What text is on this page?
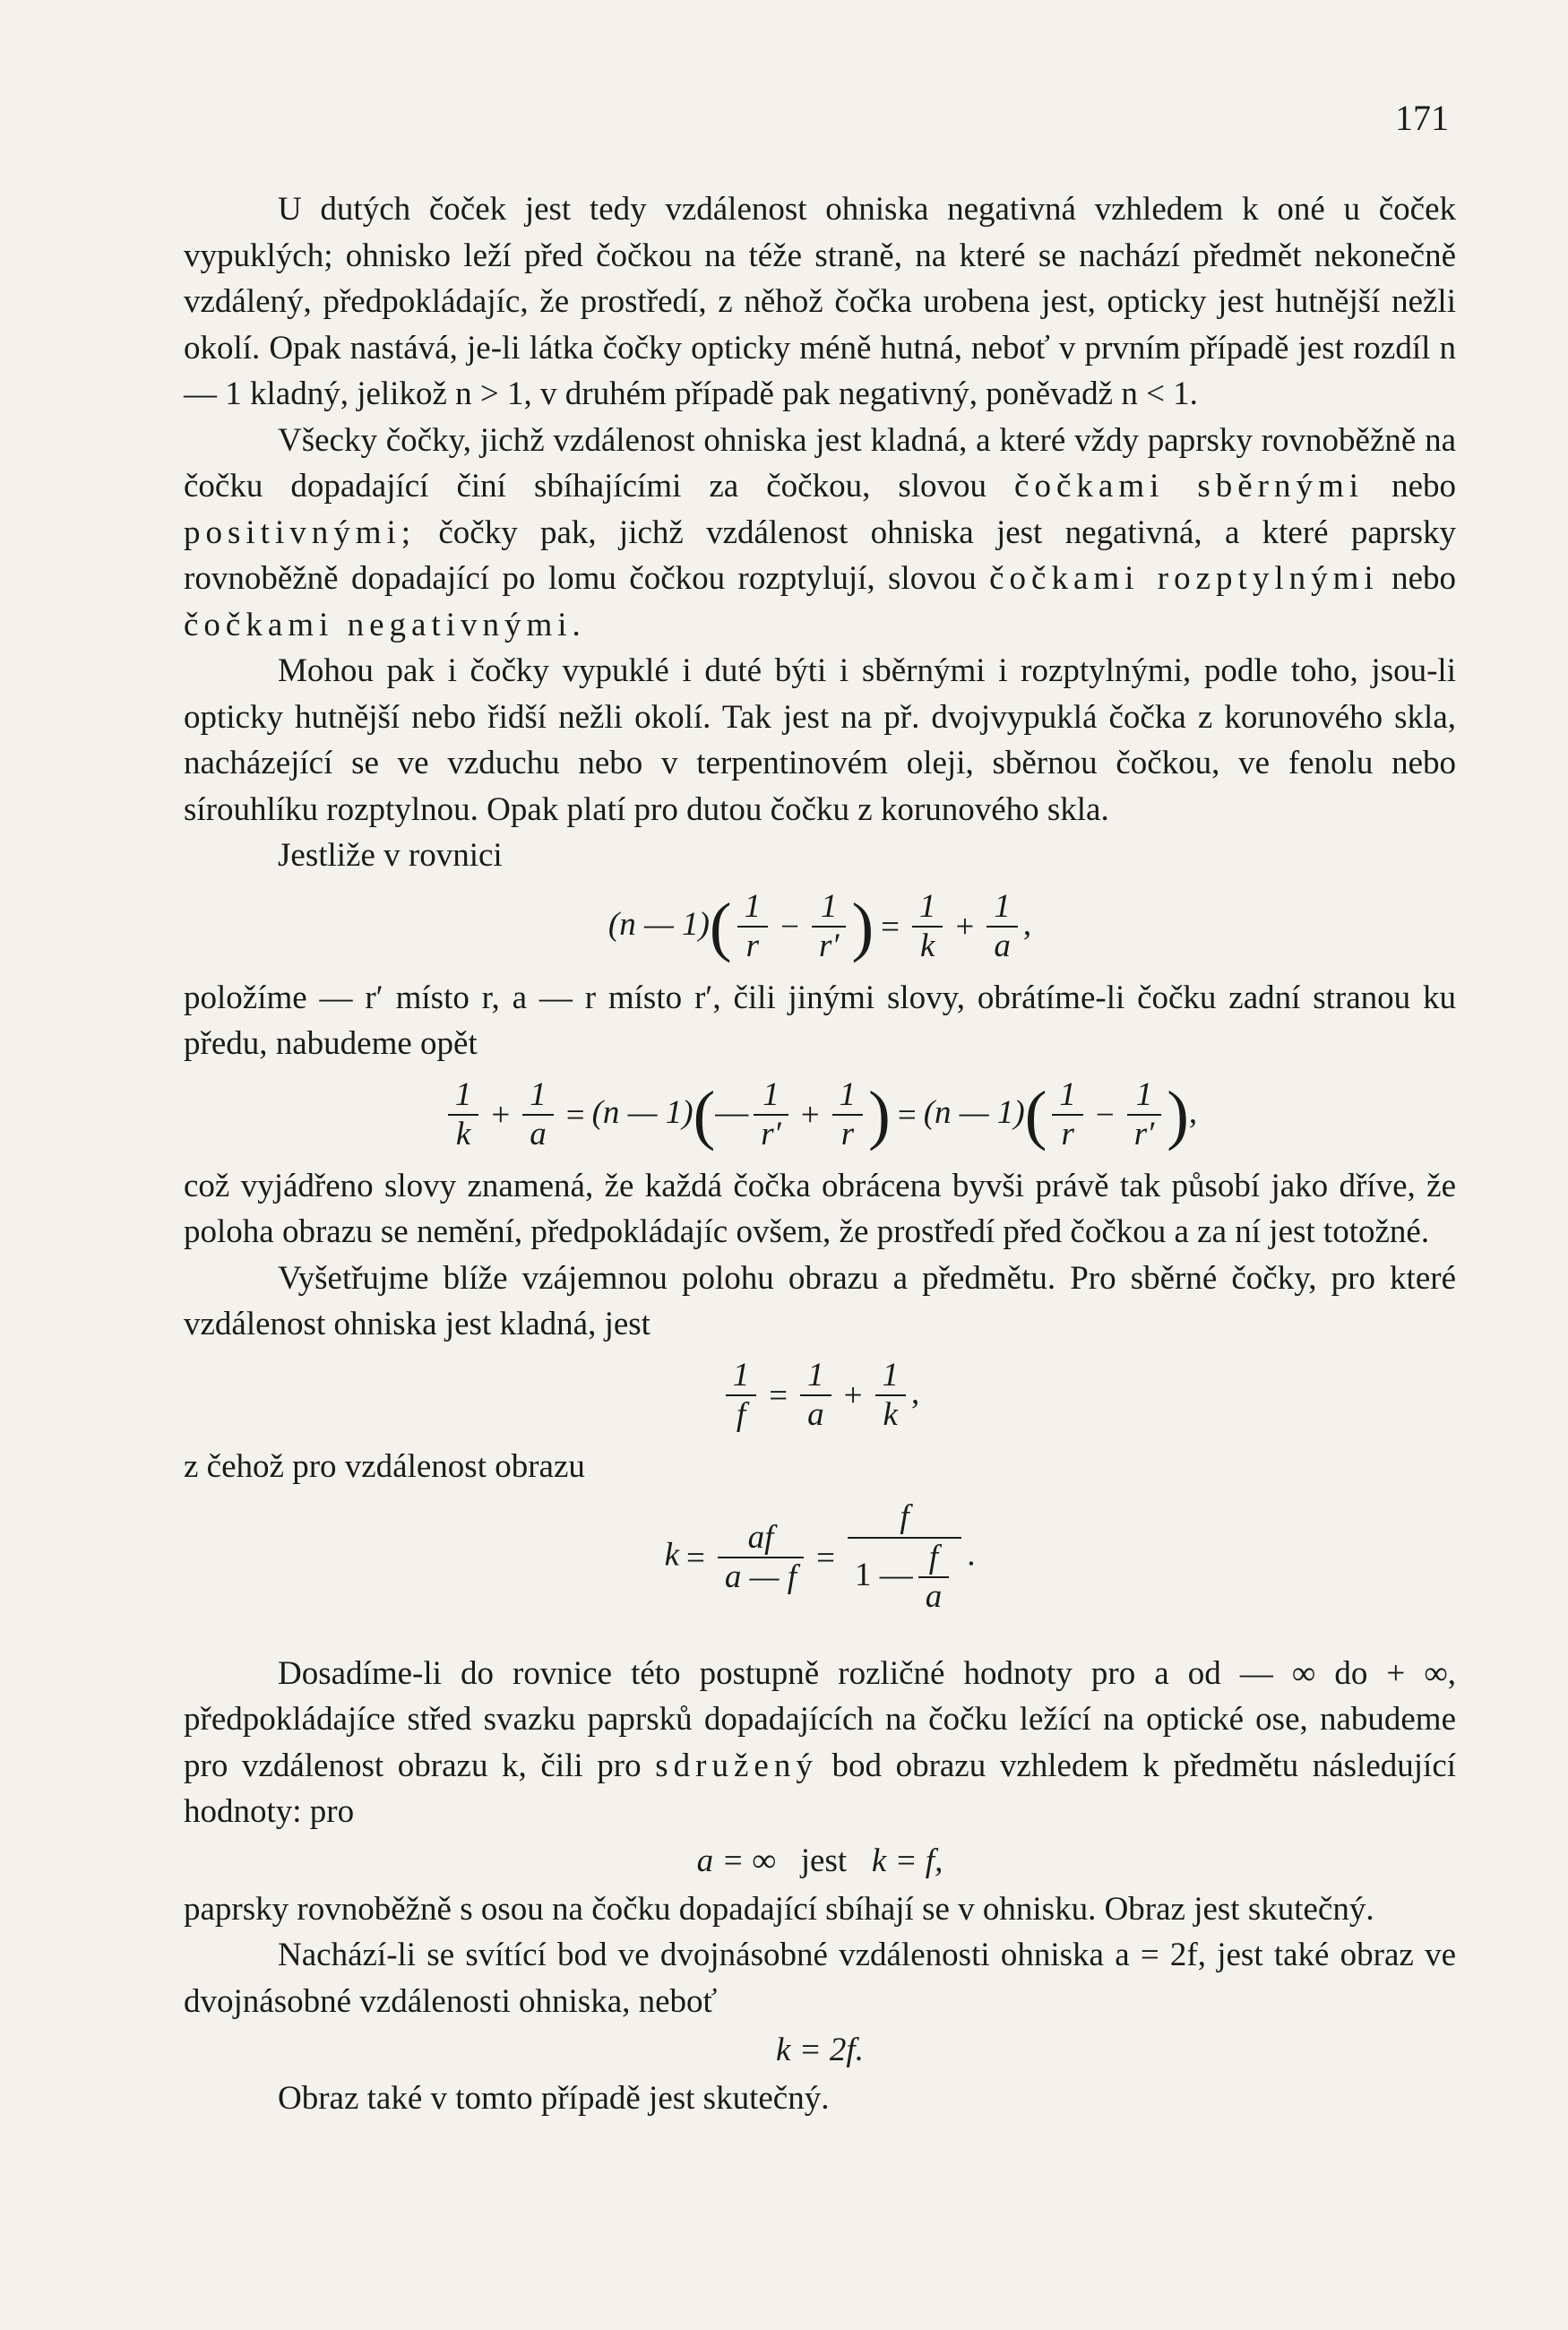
171

U dutých čoček jest tedy vzdálenost ohniska negativná vzhledem k oné u čoček vypuklých; ohnisko leží před čočkou na téže straně, na které se nachází předmět nekonečně vzdálený, předpokládajíc, že prostředí, z něhož čočka urobena jest, opticky jest hutnější nežli okolí. Opak nastává, je-li látka čočky opticky méně hutná, neboť v prvním případě jest rozdíl n — 1 kladný, jelikož n > 1, v druhém případě pak negativný, poněvadž n < 1.

Všecky čočky, jichž vzdálenost ohniska jest kladná, a které vždy paprsky rovnoběžně na čočku dopadající činí sbíhajícími za čočkou, slovou čočkami sběrnými nebo positivnými; čočky pak, jichž vzdálenost ohniska jest negativná, a které paprsky rovnoběžně dopadající po lomu čočkou rozptylují, slovou čočkami rozptylnými nebo čočkami negativnými.

Mohou pak i čočky vypuklé i duté býti i sběrnými i rozptylnými, podle toho, jsou-li opticky hutnější nebo řidší nežli okolí. Tak jest na př. dvojvypuklá čočka z korunového skla, nacházející se ve vzduchu nebo v terpentinovém oleji, sběrnou čočkou, ve fenolu nebo sírouhlíku rozptylnou. Opak platí pro dutou čočku z korunového skla.

Jestliže v rovnici

(n — $1)( \frac{1}{r} - \frac{1}{r'}$ ) = $\frac{1}{k} + \frac{1}{a}$ ,

položíme — r′ místo r, a — r místo r′, čili jinými slovy, obrátíme-li čočku zadní stranou ku předu, nabudeme opět

$\frac{1}{k} + \frac{1}{a} = (n$ — 1)(— $\frac{1}{r'} + \frac{1}{r}$ ) = (n — $1)( \frac{1}{r} - \frac{1}{r'}$ ),

což vyjádřeno slovy znamená, že každá čočka obrácena byvši právě tak působí jako dříve, že poloha obrazu se nemění, předpokládajíc ovšem, že prostředí před čočkou a za ní jest totožné.

Vyšetřujme blíže vzájemnou polohu obrazu a předmětu. Pro sběrné čočky, pro které vzdálenost ohniska jest kladná, jest

$\frac{1}{f} = \frac{1}{a} + \frac{1}{k}$ ,

z čehož pro vzdálenost obrazu

$k = \frac{af}{a — f} = \frac{f}{1 — \frac{f}{a}}$ .

Dosadíme-li do rovnice této postupně rozličné hodnoty pro a od — ∞ do + ∞, předpokládajíce střed svazku paprsků dopadajících na čočku ležící na optické ose, nabudeme pro vzdálenost obrazu k, čili pro sdružený bod obrazu vzhledem k předmětu následující hodnoty: pro

a = ∞ jest k = f,

paprsky rovnoběžně s osou na čočku dopadající sbíhají se v ohnisku. Obraz jest skutečný.

Nachází-li se svítící bod ve dvojnásobné vzdálenosti ohniska a = 2f, jest také obraz ve dvojnásobné vzdálenosti ohniska, neboť

k = 2f.

Obraz také v tomto případě jest skutečný.
